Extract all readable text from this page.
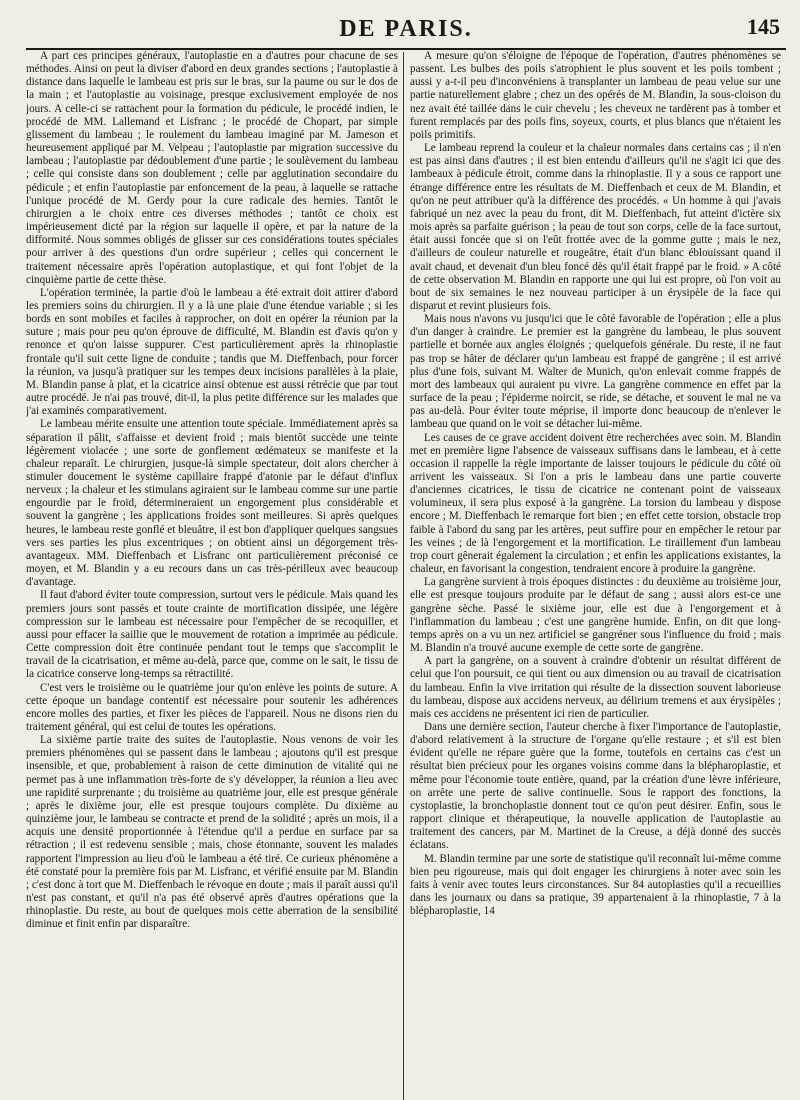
DE PARIS.	145

A part ces principes généraux, l'autoplastie en a d'autres pour chacune de ses méthodes. Ainsi on peut la diviser d'abord en deux grandes sections ; l'autoplastie à distance dans laquelle le lambeau est pris sur le bras, sur la paume ou sur le dos de la main ; et l'autoplastie au voisinage, presque exclusivement employée de nos jours. A celle-ci se rattachent pour la formation du pédicule, le procédé indien, le procédé de MM. Lallemand et Lisfranc ; le procédé de Chopart, par simple glissement du lambeau ; le roulement du lambeau imaginé par M. Jameson et heureusement appliqué par M. Velpeau ; l'autoplastie par migration successive du lambeau ; l'autoplastie par dédoublement d'une partie ; le soulèvement du lambeau ; celle qui consiste dans son doublement ; celle par agglutination secondaire du pédicule ; et enfin l'autoplastie par enfoncement de la peau, à laquelle se rattache l'unique procédé de M. Gerdy pour la cure radicale des hernies. Tantôt le chirurgien a le choix entre ces diverses méthodes ; tantôt ce choix est impérieusement dicté par la région sur laquelle il opère, et par la nature de la difformité. Nous sommes obligés de glisser sur ces considérations toutes spéciales pour arriver à des questions d'un ordre supérieur ; celles qui concernent le traitement nécessaire après l'opération autoplastique, et qui font l'objet de la cinquième partie de cette thèse.

L'opération terminée, la partie d'où le lambeau a été extrait doit attirer d'abord les premiers soins du chirurgien. Il y a là une plaie d'une étendue variable ; si les bords en sont mobiles et faciles à rapprocher, on doit en opérer la réunion par la suture ; mais pour peu qu'on éprouve de difficulté, M. Blandin est d'avis qu'on y renonce et qu'on laisse suppurer. C'est particulièrement après la rhinoplastie frontale qu'il suit cette ligne de conduite ; tandis que M. Dieffenbach, pour forcer la réunion, va jusqu'à pratiquer sur les tempes deux incisions parallèles à la plaie, M. Blandin panse à plat, et la cicatrice ainsi obtenue est aussi rétrécie que par tout autre procédé. Je n'ai pas trouvé, dit-il, la plus petite différence sur les malades que j'ai examinés comparativement.

Le lambeau mérite ensuite une attention toute spéciale. Immédiatement après sa séparation il pâlit, s'affaisse et devient froid ; mais bientôt succède une teinte légèrement violacée ; une sorte de gonflement œdémateux se manifeste et la chaleur reparaît. Le chirurgien, jusque-là simple spectateur, doit alors chercher à stimuler doucement le système capillaire frappé d'atonie par le défaut d'influx nerveux ; la chaleur et les stimulans agiraient sur le lambeau comme sur une partie engourdie par le froid, détermineraient un engorgement plus considérable et souvent la gangrène ; les applications froides sont meilleures. Si après quelques heures, le lambeau reste gonflé et bleuâtre, il est bon d'appliquer quelques sangsues vers ses parties les plus excentriques ; on obtient ainsi un dégorgement très-avantageux. MM. Dieffenbach et Lisfranc ont particulièrement préconisé ce moyen, et M. Blandin y a eu recours dans un cas très-périlleux avec beaucoup d'avantage.

Il faut d'abord éviter toute compression, surtout vers le pédicule. Mais quand les premiers jours sont passés et toute crainte de mortification dissipée, une légère compression sur le lambeau est nécessaire pour l'empêcher de se recoquiller, et aussi pour effacer la saillie que le mouvement de rotation a imprimée au pédicule. Cette compression doit être continuée pendant tout le temps que s'accomplit le travail de la cicatrisation, et même au-delà, parce que, comme on le sait, le tissu de la cicatrice conserve long-temps sa rétractilité.

C'est vers le troisième ou le quatrième jour qu'on enlève les points de suture. A cette époque un bandage contentif est nécessaire pour soutenir les adhérences encore molles des parties, et fixer les pièces de l'appareil. Nous ne disons rien du traitement général, qui est celui de toutes les opérations.

La sixième partie traite des suites de l'autoplastie. Nous venons de voir les premiers phénomènes qui se passent dans le lambeau ; ajoutons qu'il est presque insensible, et que, probablement à raison de cette diminution de vitalité qui ne permet pas à une inflammation très-forte de s'y développer, la réunion a lieu avec une rapidité surprenante ; du troisième au quatrième jour, elle est presque générale ; après le dixième jour, elle est presque toujours complète. Du dixième au quinzième jour, le lambeau se contracte et prend de la solidité ; après un mois, il a acquis une densité proportionnée à l'étendue qu'il a perdue en surface par sa rétraction ; il est redevenu sensible ; mais, chose étonnante, souvent les malades rapportent l'impression au lieu d'où le lambeau a été tiré. Ce curieux phénomène a été constaté pour la première fois par M. Lisfranc, et vérifié ensuite par M. Blandin ; c'est donc à tort que M. Dieffenbach le révoque en doute ; mais il paraît aussi qu'il n'est pas constant, et qu'il n'a pas été observé après d'autres opérations que la rhinoplastie. Du reste, au bout de quelques mois cette aberration de la sensibilité diminue et finit enfin par disparaître.

A mesure qu'on s'éloigne de l'époque de l'opération, d'autres phénomènes se passent. Les bulbes des poils s'atrophient le plus souvent et les poils tombent ; aussi y a-t-il peu d'inconvéniens à transplanter un lambeau de peau velue sur une partie naturellement glabre ; chez un des opérés de M. Blandin, la sous-cloison du nez avait été taillée dans le cuir chevelu ; les cheveux ne tardèrent pas à tomber et furent remplacés par des poils fins, soyeux, courts, et plus blancs que n'étaient les poils primitifs.

Le lambeau reprend la couleur et la chaleur normales dans certains cas ; il n'en est pas ainsi dans d'autres ; il est bien entendu d'ailleurs qu'il ne s'agit ici que des lambeaux à pédicule étroit, comme dans la rhinoplastie. Il y a sous ce rapport une étrange différence entre les résultats de M. Dieffenbach et ceux de M. Blandin, et qu'on ne peut attribuer qu'à la différence des procédés. « Un homme à qui j'avais fabriqué un nez avec la peau du front, dit M. Dieffenbach, fut atteint d'ictère six mois après sa parfaite guérison ; la peau de tout son corps, celle de la face surtout, était aussi foncée que si on l'eût frottée avec de la gomme gutte ; mais le nez, d'ailleurs de couleur naturelle et rougeâtre, était d'un blanc éblouissant quand il avait chaud, et devenait d'un bleu foncé dès qu'il était frappé par le froid. » A côté de cette observation M. Blandin en rapporte une qui lui est propre, où l'on voit au bout de six semaines le nez nouveau participer à un érysipèle de la face qui disparut et revint plusieurs fois.

Mais nous n'avons vu jusqu'ici que le côté favorable de l'opération ; elle a plus d'un danger à craindre. Le premier est la gangrène du lambeau, le plus souvent partielle et bornée aux angles éloignés ; quelquefois générale. Du reste, il ne faut pas trop se hâter de déclarer qu'un lambeau est frappé de gangrène ; il est arrivé plus d'une fois, suivant M. Walter de Munich, qu'on enlevait comme frappés de mort des lambeaux qui auraient pu vivre. La gangrène commence en effet par la surface de la peau ; l'épiderme noircit, se ride, se détache, et souvent le mal ne va pas au-delà. Pour éviter toute méprise, il importe donc beaucoup de n'enlever le lambeau que quand on le voit se détacher lui-même.

Les causes de ce grave accident doivent être recherchées avec soin. M. Blandin met en première ligne l'absence de vaisseaux suffisans dans le lambeau, et à cette occasion il rappelle la règle importante de laisser toujours le pédicule du côté où arrivent les vaisseaux. Si l'on a pris le lambeau dans une partie couverte d'anciennes cicatrices, le tissu de cicatrice ne contenant point de vaisseaux volumineux, il sera plus exposé à la gangrène. La torsion du lambeau y dispose encore ; M. Dieffenbach le remarque fort bien ; en effet cette torsion, obstacle trop faible à l'abord du sang par les artères, peut suffire pour en empêcher le retour par les veines ; de là l'engorgement et la mortification. Le tiraillement d'un lambeau trop court gênerait également la circulation ; et enfin les applications existantes, la chaleur, en favorisant la congestion, tendraient encore à produire la gangrène.

La gangrène survient à trois époques distinctes : du deuxième au troisième jour, elle est presque toujours produite par le défaut de sang ; aussi alors est-ce une gangrène sèche. Passé le sixième jour, elle est due à l'engorgement et à l'inflammation du lambeau ; c'est une gangrène humide. Enfin, on dit que long-temps après on a vu un nez artificiel se gangréner sous l'influence du froid ; mais M. Blandin n'a trouvé aucune exemple de cette sorte de gangrène.

A part la gangrène, on a souvent à craindre d'obtenir un résultat différent de celui que l'on poursuit, ce qui tient ou aux dimension ou au travail de cicatrisation du lambeau. Enfin la vive irritation qui résulte de la dissection souvent laborieuse du lambeau, dispose aux accidens nerveux, au délirium tremens et aux érysipèles ; mais ces accidens ne présentent ici rien de particulier.

Dans une dernière section, l'auteur cherche à fixer l'importance de l'autoplastie, d'abord relativement à la structure de l'organe qu'elle restaure ; et s'il est bien évident qu'elle ne répare guère que la forme, toutefois en certains cas c'est un résultat bien précieux pour les organes voisins comme dans la blépharoplastie, et même pour l'économie toute entière, quand, par la création d'une lèvre inférieure, on arrête une perte de salive continuelle. Sous le rapport des fonctions, la cystoplastie, la bronchoplastie donnent tout ce qu'on peut désirer. Enfin, sous le rapport clinique et thérapeutique, la nouvelle application de l'autoplastie au traitement des cancers, par M. Martinet de la Creuse, a déjà donné des succès éclatans.

M. Blandin termine par une sorte de statistique qu'il reconnaît lui-même comme bien peu rigoureuse, mais qui doit engager les chirurgiens à noter avec soin les faits à venir avec toutes leurs circonstances. Sur 84 autoplasties qu'il a recueillies dans les journaux ou dans sa pratique, 39 appartenaient à la rhinoplastie, 7 à la blépharoplastie, 14
